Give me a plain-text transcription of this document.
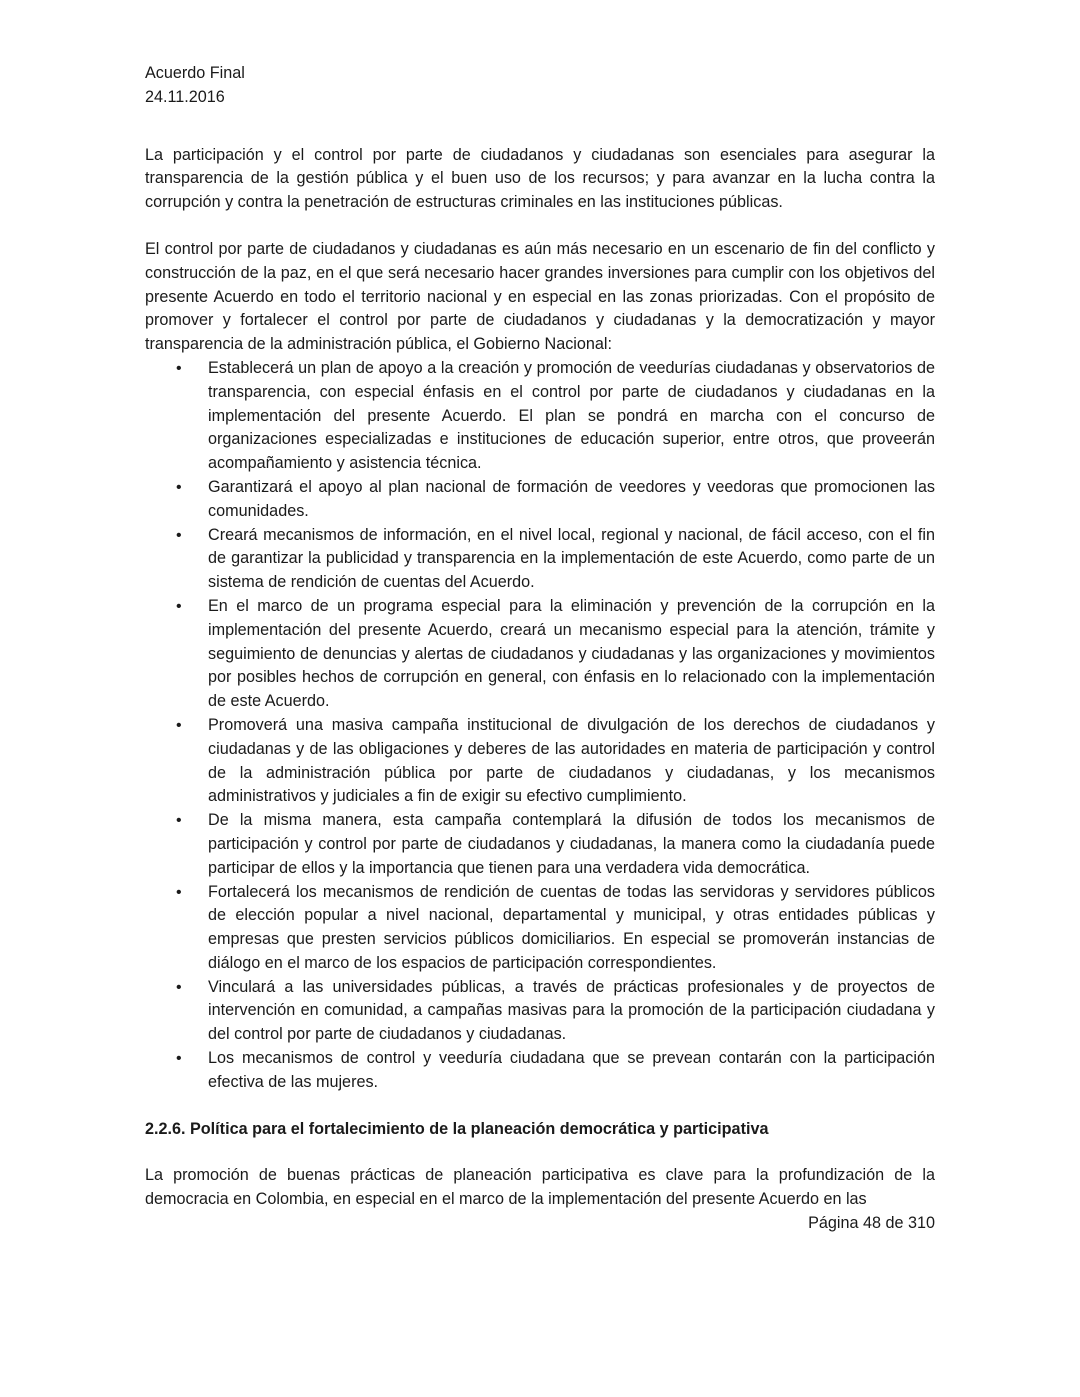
Acuerdo Final
24.11.2016

La participación y el control por parte de ciudadanos y ciudadanas son esenciales para asegurar la transparencia de la gestión pública y el buen uso de los recursos; y para avanzar en la lucha contra la corrupción y contra la penetración de estructuras criminales en las instituciones públicas.

El control por parte de ciudadanos y ciudadanas es aún más necesario en un escenario de fin del conflicto y construcción de la paz, en el que será necesario hacer grandes inversiones para cumplir con los objetivos del presente Acuerdo en todo el territorio nacional y en especial en las zonas priorizadas. Con el propósito de promover y fortalecer el control por parte de ciudadanos y ciudadanas y la democratización y mayor transparencia de la administración pública, el Gobierno Nacional:

• Establecerá un plan de apoyo a la creación y promoción de veedurías ciudadanas y observatorios de transparencia, con especial énfasis en el control por parte de ciudadanos y ciudadanas en la implementación del presente Acuerdo. El plan se pondrá en marcha con el concurso de organizaciones especializadas e instituciones de educación superior, entre otros, que proveerán acompañamiento y asistencia técnica.
• Garantizará el apoyo al plan nacional de formación de veedores y veedoras que promocionen las comunidades.
• Creará mecanismos de información, en el nivel local, regional y nacional, de fácil acceso, con el fin de garantizar la publicidad y transparencia en la implementación de este Acuerdo, como parte de un sistema de rendición de cuentas del Acuerdo.
• En el marco de un programa especial para la eliminación y prevención de la corrupción en la implementación del presente Acuerdo, creará un mecanismo especial para la atención, trámite y seguimiento de denuncias y alertas de ciudadanos y ciudadanas y las organizaciones y movimientos por posibles hechos de corrupción en general, con énfasis en lo relacionado con la implementación de este Acuerdo.
• Promoverá una masiva campaña institucional de divulgación de los derechos de ciudadanos y ciudadanas y de las obligaciones y deberes de las autoridades en materia de participación y control de la administración pública por parte de ciudadanos y ciudadanas, y los mecanismos administrativos y judiciales a fin de exigir su efectivo cumplimiento.
• De la misma manera, esta campaña contemplará la difusión de todos los mecanismos de participación y control por parte de ciudadanos y ciudadanas, la manera como la ciudadanía puede participar de ellos y la importancia que tienen para una verdadera vida democrática.
• Fortalecerá los mecanismos de rendición de cuentas de todas las servidoras y servidores públicos de elección popular a nivel nacional, departamental y municipal, y otras entidades públicas y empresas que presten servicios públicos domiciliarios. En especial se promoverán instancias de diálogo en el marco de los espacios de participación correspondientes.
• Vinculará a las universidades públicas, a través de prácticas profesionales y de proyectos de intervención en comunidad, a campañas masivas para la promoción de la participación ciudadana y del control por parte de ciudadanos y ciudadanas.
• Los mecanismos de control y veeduría ciudadana que se prevean contarán con la participación efectiva de las mujeres.

2.2.6. Política para el fortalecimiento de la planeación democrática y participativa

La promoción de buenas prácticas de planeación participativa es clave para la profundización de la democracia en Colombia, en especial en el marco de la implementación del presente Acuerdo en las

Página 48 de 310
